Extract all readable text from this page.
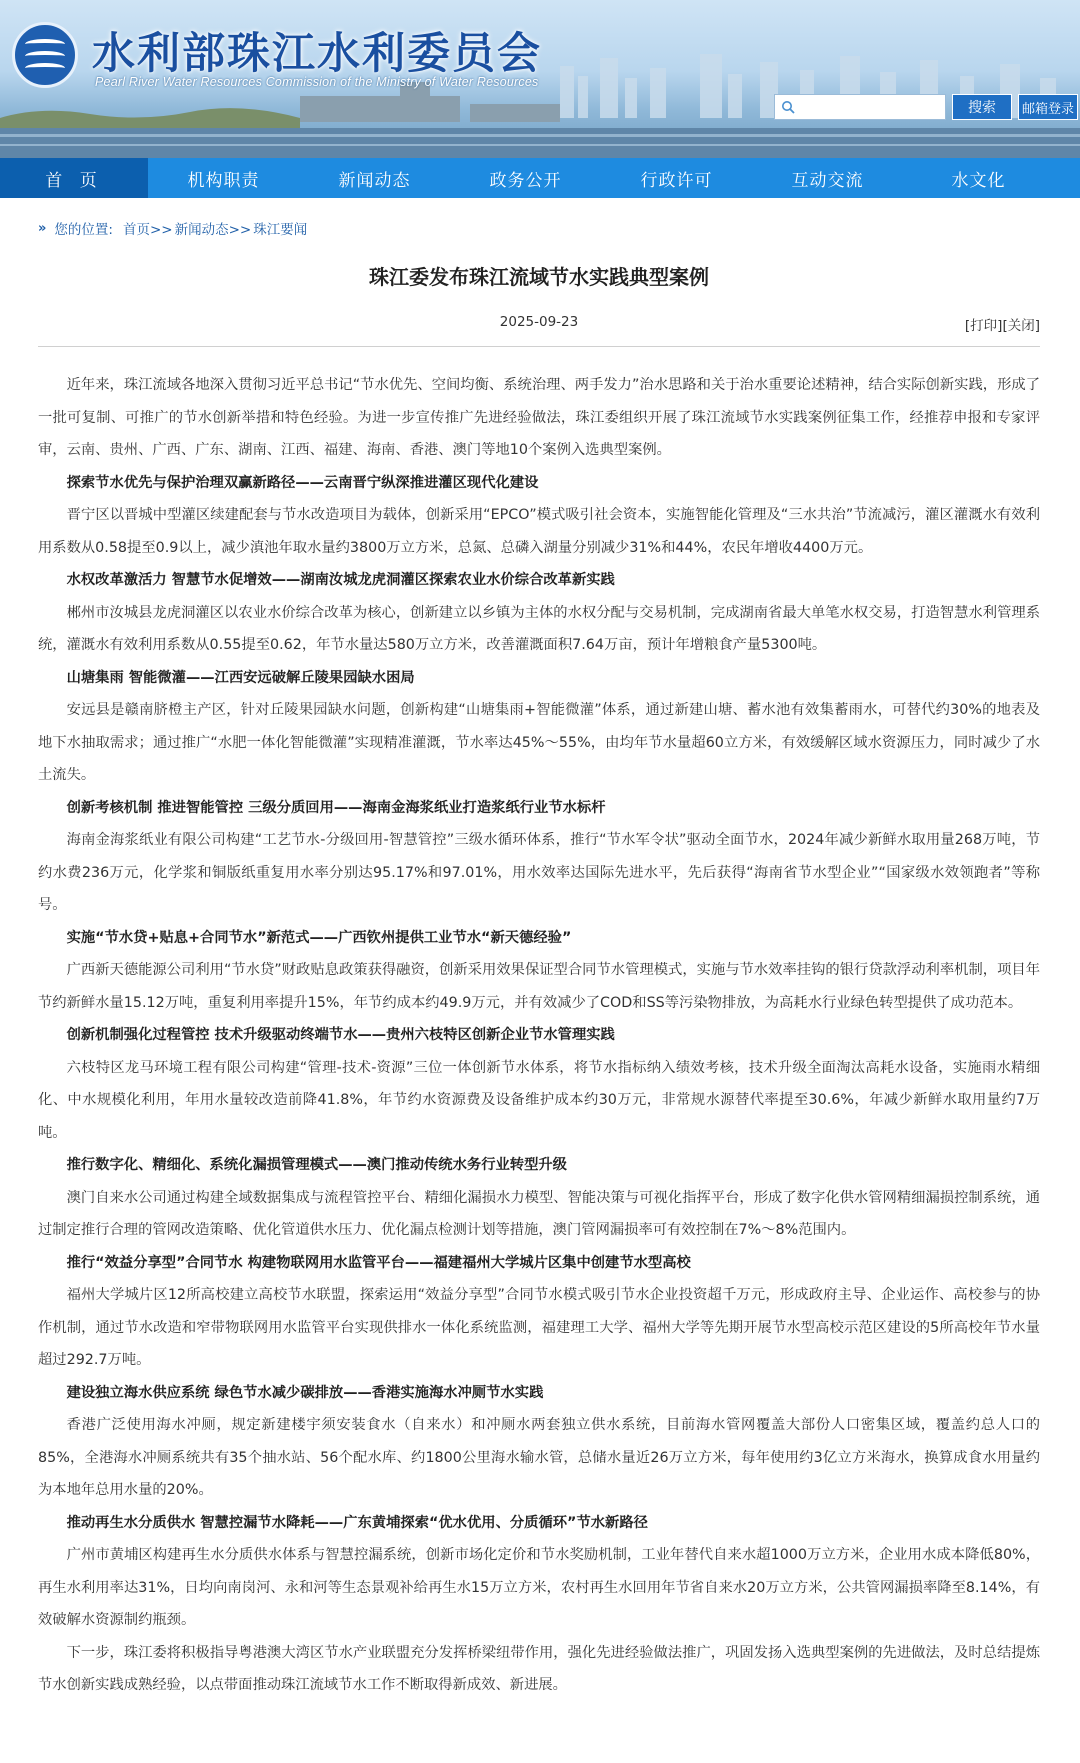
水利部珠江水利委员会
Pearl River Water Resources Commission of the Ministry of Water Resources
搜索	邮箱登录
首 页	机构职责	新闻动态	政务公开	行政许可	互动交流	水文化
» 您的位置: 首页>> 新闻动态>> 珠江要闻
珠江委发布珠江流域节水实践典型案例
2025-09-23	[打印][关闭]

近年来，珠江流域各地深入贯彻习近平总书记“节水优先、空间均衡、系统治理、两手发力”治水思路和关于治水重要论述精神，结合实际创新实践，形成了一批可复制、可推广的节水创新举措和特色经验。为进一步宣传推广先进经验做法，珠江委组织开展了珠江流域节水实践案例征集工作，经推荐申报和专家评审，云南、贵州、广西、广东、湖南、江西、福建、海南、香港、澳门等地10个案例入选典型案例。

探索节水优先与保护治理双赢新路径——云南晋宁纵深推进灌区现代化建设

晋宁区以晋城中型灌区续建配套与节水改造项目为载体，创新采用“EPCO”模式吸引社会资本，实施智能化管理及“三水共治”节流减污，灌区灌溉水有效利用系数从0.58提至0.9以上，减少滇池年取水量约3800万立方米，总氮、总磷入湖量分别减少31%和44%，农民年增收4400万元。

水权改革激活力 智慧节水促增效——湖南汝城龙虎洞灌区探索农业水价综合改革新实践

郴州市汝城县龙虎洞灌区以农业水价综合改革为核心，创新建立以乡镇为主体的水权分配与交易机制，完成湖南省最大单笔水权交易，打造智慧水利管理系统，灌溉水有效利用系数从0.55提至0.62，年节水量达580万立方米，改善灌溉面积7.64万亩，预计年增粮食产量5300吨。

山塘集雨 智能微灌——江西安远破解丘陵果园缺水困局

安远县是赣南脐橙主产区，针对丘陵果园缺水问题，创新构建“山塘集雨+智能微灌”体系，通过新建山塘、蓄水池有效集蓄雨水，可替代约30%的地表及地下水抽取需求；通过推广“水肥一体化智能微灌”实现精准灌溉，节水率达45%～55%，由均年节水量超60立方米，有效缓解区域水资源压力，同时减少了水土流失。

创新考核机制 推进智能管控 三级分质回用——海南金海浆纸业打造浆纸行业节水标杆

海南金海浆纸业有限公司构建“工艺节水-分级回用-智慧管控”三级水循环体系，推行“节水军令状”驱动全面节水，2024年减少新鲜水取用量268万吨，节约水费236万元，化学浆和铜版纸重复用水率分别达95.17%和97.01%，用水效率达国际先进水平，先后获得“海南省节水型企业”“国家级水效领跑者”等称号。

实施“节水贷+贴息+合同节水”新范式——广西钦州提供工业节水“新天德经验”

广西新天德能源公司利用“节水贷”财政贴息政策获得融资，创新采用效果保证型合同节水管理模式，实施与节水效率挂钩的银行贷款浮动利率机制，项目年节约新鲜水量15.12万吨，重复利用率提升15%，年节约成本约49.9万元，并有效减少了COD和SS等污染物排放，为高耗水行业绿色转型提供了成功范本。

创新机制强化过程管控 技术升级驱动终端节水——贵州六枝特区创新企业节水管理实践

六枝特区龙马环境工程有限公司构建“管理-技术-资源”三位一体创新节水体系，将节水指标纳入绩效考核，技术升级全面淘汰高耗水设备，实施雨水精细化、中水规模化利用，年用水量较改造前降41.8%，年节约水资源费及设备维护成本约30万元，非常规水源替代率提至30.6%，年减少新鲜水取用量约7万吨。

推行数字化、精细化、系统化漏损管理模式——澳门推动传统水务行业转型升级

澳门自来水公司通过构建全域数据集成与流程管控平台、精细化漏损水力模型、智能决策与可视化指挥平台，形成了数字化供水管网精细漏损控制系统，通过制定推行合理的管网改造策略、优化管道供水压力、优化漏点检测计划等措施，澳门管网漏损率可有效控制在7%～8%范围内。

推行“效益分享型”合同节水 构建物联网用水监管平台——福建福州大学城片区集中创建节水型高校

福州大学城片区12所高校建立高校节水联盟，探索运用“效益分享型”合同节水模式吸引节水企业投资超千万元，形成政府主导、企业运作、高校参与的协作机制，通过节水改造和窄带物联网用水监管平台实现供排水一体化系统监测，福建理工大学、福州大学等先期开展节水型高校示范区建设的5所高校年节水量超过292.7万吨。

建设独立海水供应系统 绿色节水减少碳排放——香港实施海水冲厕节水实践

香港广泛使用海水冲厕，规定新建楼宇须安装食水（自来水）和冲厕水两套独立供水系统，目前海水管网覆盖大部份人口密集区域，覆盖约总人口的85%，全港海水冲厕系统共有35个抽水站、56个配水库、约1800公里海水输水管，总储水量近26万立方米，每年使用约3亿立方米海水，换算成食水用量约为本地年总用水量的20%。

推动再生水分质供水 智慧控漏节水降耗——广东黄埔探索“优水优用、分质循环”节水新路径

广州市黄埔区构建再生水分质供水体系与智慧控漏系统，创新市场化定价和节水奖励机制，工业年替代自来水超1000万立方米，企业用水成本降低80%，再生水利用率达31%，日均向南岗河、永和河等生态景观补给再生水15万立方米，农村再生水回用年节省自来水20万立方米，公共管网漏损率降至8.14%，有效破解水资源制约瓶颈。

下一步，珠江委将积极指导粤港澳大湾区节水产业联盟充分发挥桥梁纽带作用，强化先进经验做法推广，巩固发扬入选典型案例的先进做法，及时总结提炼节水创新实践成熟经验，以点带面推动珠江流域节水工作不断取得新成效、新进展。
